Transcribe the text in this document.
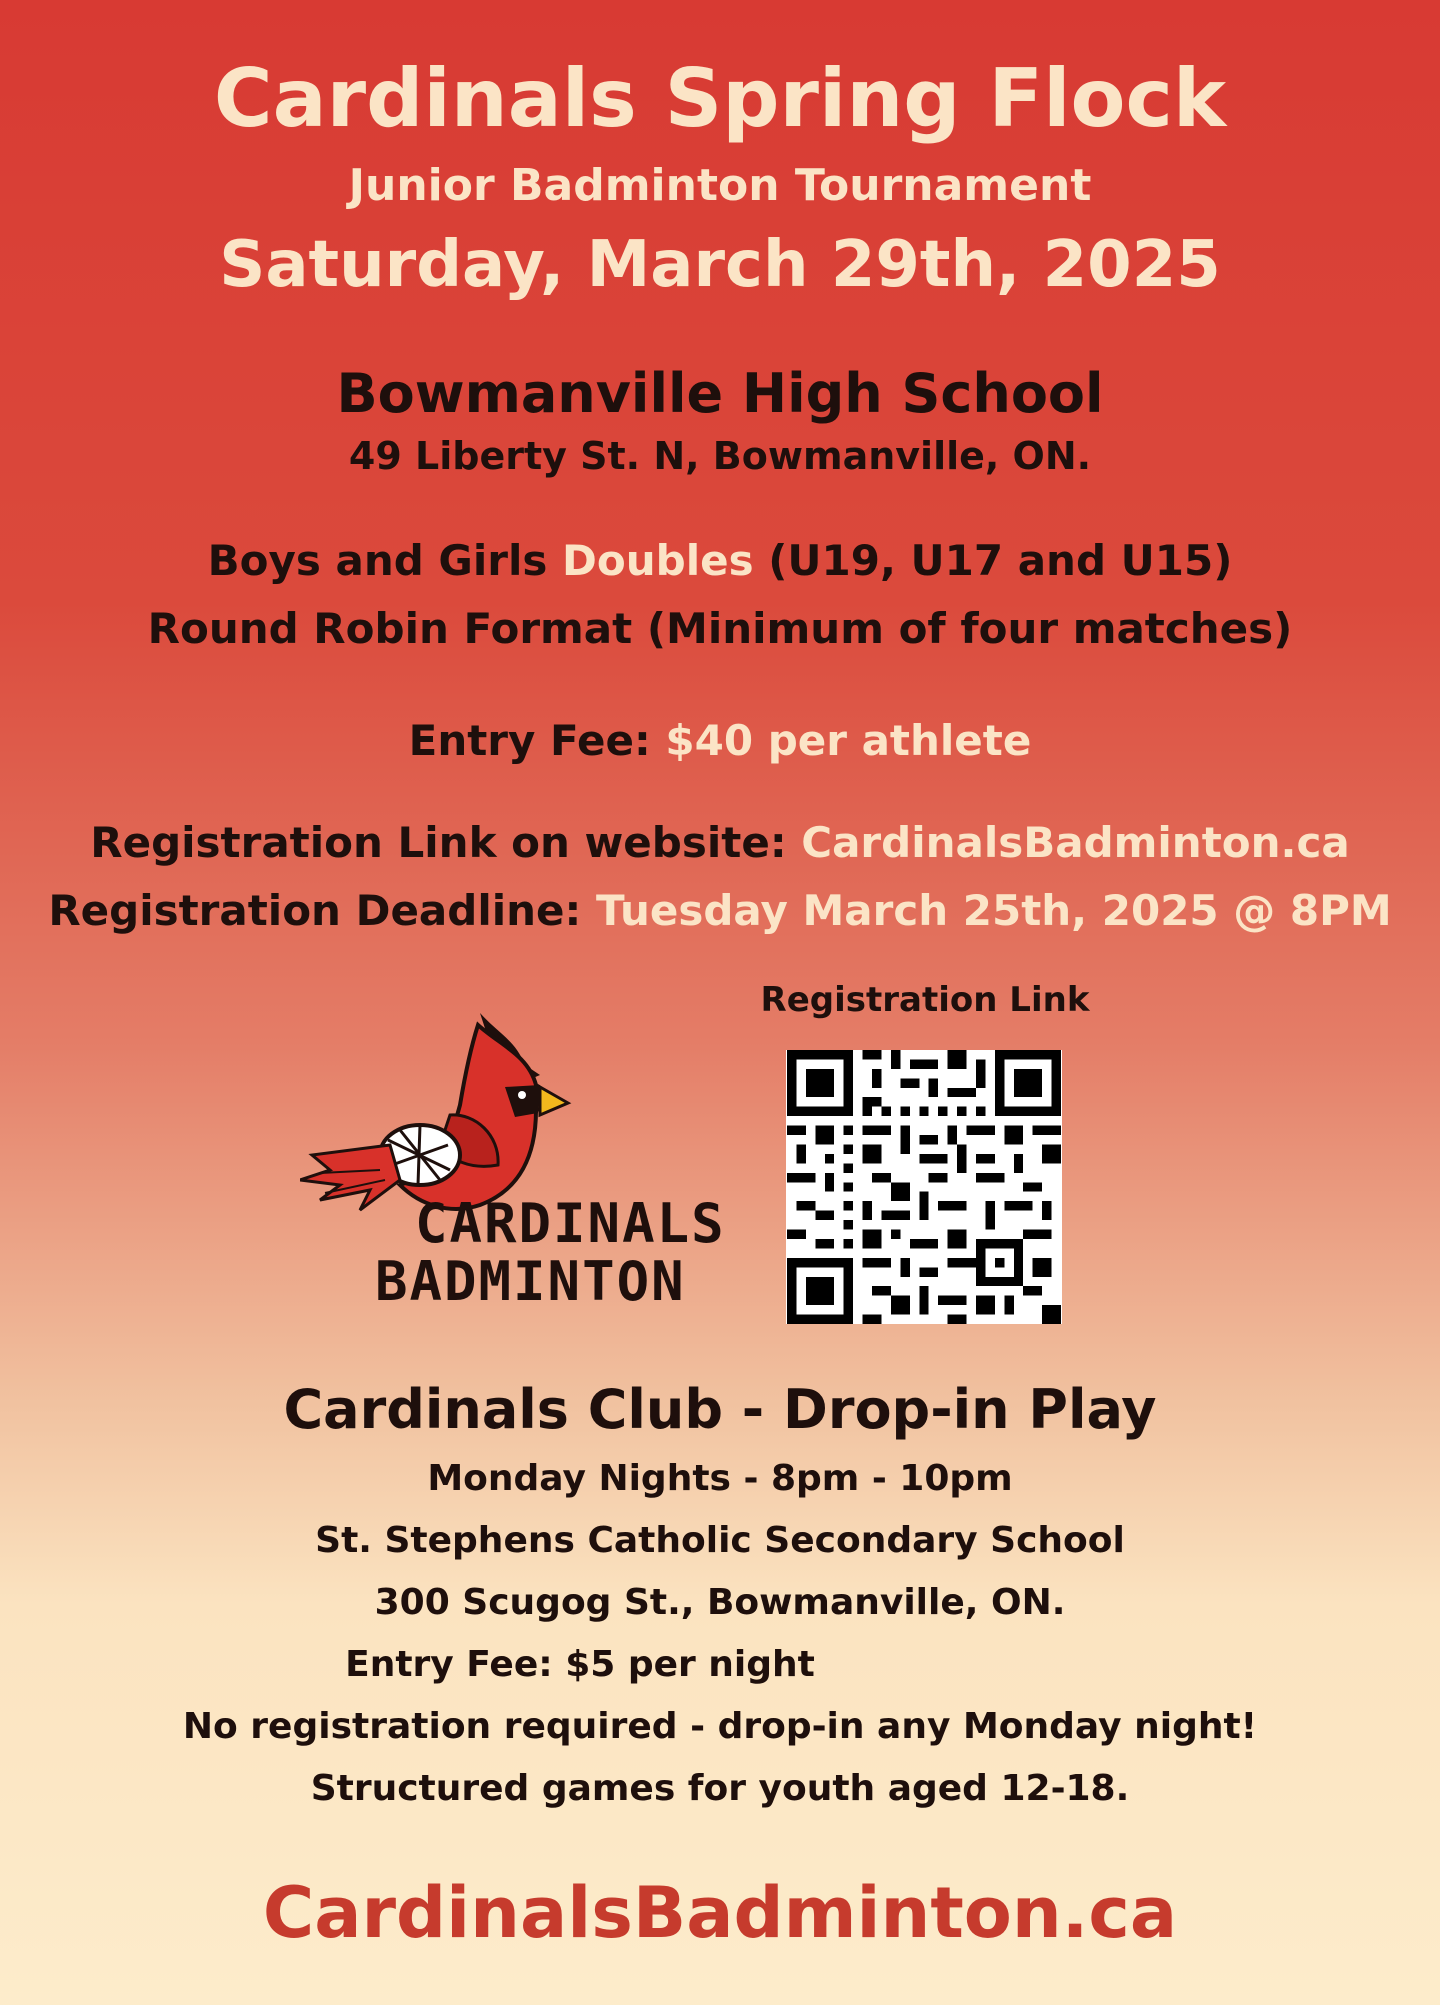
Cardinals Spring Flock
Junior Badminton Tournament
Saturday, March 29th, 2025
Bowmanville High School
49 Liberty St. N, Bowmanville, ON.
Boys and Girls Doubles (U19, U17 and U15)
Round Robin Format (Minimum of four matches)
Entry Fee: $40 per athlete
Registration Link on website: CardinalsBadminton.ca
Registration Deadline: Tuesday March 25th, 2025 @ 8PM
CARDINALS
BADMINTON
Registration Link
Cardinals Club - Drop-in Play
Monday Nights - 8pm - 10pm
St. Stephens Catholic Secondary School
300 Scugog St., Bowmanville, ON.
Entry Fee: $5 per night
No registration required - drop-in any Monday night!
Structured games for youth aged 12-18.
CardinalsBadminton.ca
